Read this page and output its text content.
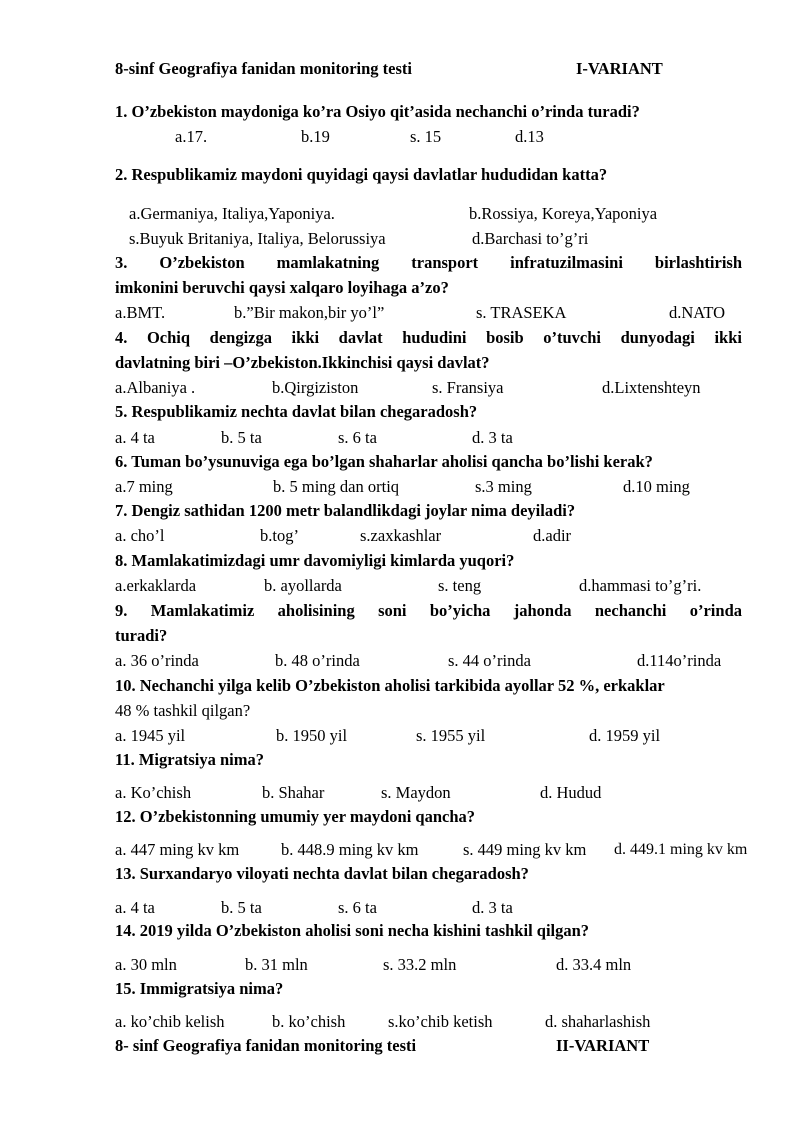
8-sinf Geografiya fanidan monitoring testi	I-VARIANT
1. O’zbekiston maydoniga ko’ra Osiyo qit’asida nechanchi o’rinda turadi?
a.17.	b.19	s. 15	d.13
2. Respublikamiz maydoni quyidagi qaysi davlatlar hududidan katta?
a.Germaniya, Italiya,Yaponiya.	b.Rossiya, Koreya,Yaponiya
s.Buyuk Britaniya, Italiya, Belorussiya	d.Barchasi to’g’ri
3. O’zbekiston mamlakatning transport infratuzilmasini birlashtirish
imkonini beruvchi qaysi xalqaro loyihaga a’zo?
a.BMT.	b.”Bir makon,bir yo’l”	s. TRASEKA	d.NATO
4. Ochiq dengizga ikki davlat hududini bosib o’tuvchi dunyodagi ikki
davlatning biri –O’zbekiston.Ikkinchisi qaysi davlat?
a.Albaniya .	b.Qirgiziston	s. Fransiya	d.Lixtenshteyn
5. Respublikamiz nechta davlat bilan chegaradosh?
a. 4 ta	b. 5 ta	s. 6 ta	d. 3 ta
6. Tuman bo’ysunuviga ega bo’lgan shaharlar aholisi qancha bo’lishi kerak?
a.7 ming	b. 5 ming dan ortiq	s.3 ming	d.10 ming
7. Dengiz sathidan 1200 metr balandlikdagi joylar nima deyiladi?
a. cho’l	b.tog’	s.zaxkashlar	d.adir
8. Mamlakatimizdagi umr davomiyligi kimlarda yuqori?
a.erkaklarda	b. ayollarda	s. teng	d.hammasi to’g’ri.
9. Mamlakatimiz aholisining soni bo’yicha jahonda nechanchi o’rinda
turadi?
a. 36 o’rinda	b. 48 o’rinda	s. 44 o’rinda	d.114o’rinda
10. Nechanchi yilga kelib O’zbekiston aholisi tarkibida ayollar 52 %, erkaklar
48 % tashkil qilgan?
a. 1945 yil	b. 1950 yil	s. 1955 yil	d. 1959 yil
11. Migratsiya nima?
a. Ko’chish	b. Shahar	s. Maydon	d. Hudud
12. O’zbekistonning umumiy yer maydoni qancha?
a. 447 ming kv km	b. 448.9 ming kv km	s. 449 ming kv km d. 449.1 ming kv km
13. Surxandaryo viloyati nechta davlat bilan chegaradosh?
a. 4 ta	b. 5 ta	s. 6 ta	d. 3 ta
14. 2019 yilda O’zbekiston aholisi soni necha kishini tashkil qilgan?
a. 30 mln	b. 31 mln	s. 33.2 mln	d. 33.4 mln
15. Immigratsiya nima?
a. ko’chib kelish	b. ko’chish	s.ko’chib ketish	d. shaharlashish
8- sinf Geografiya fanidan monitoring testi	II-VARIANT
